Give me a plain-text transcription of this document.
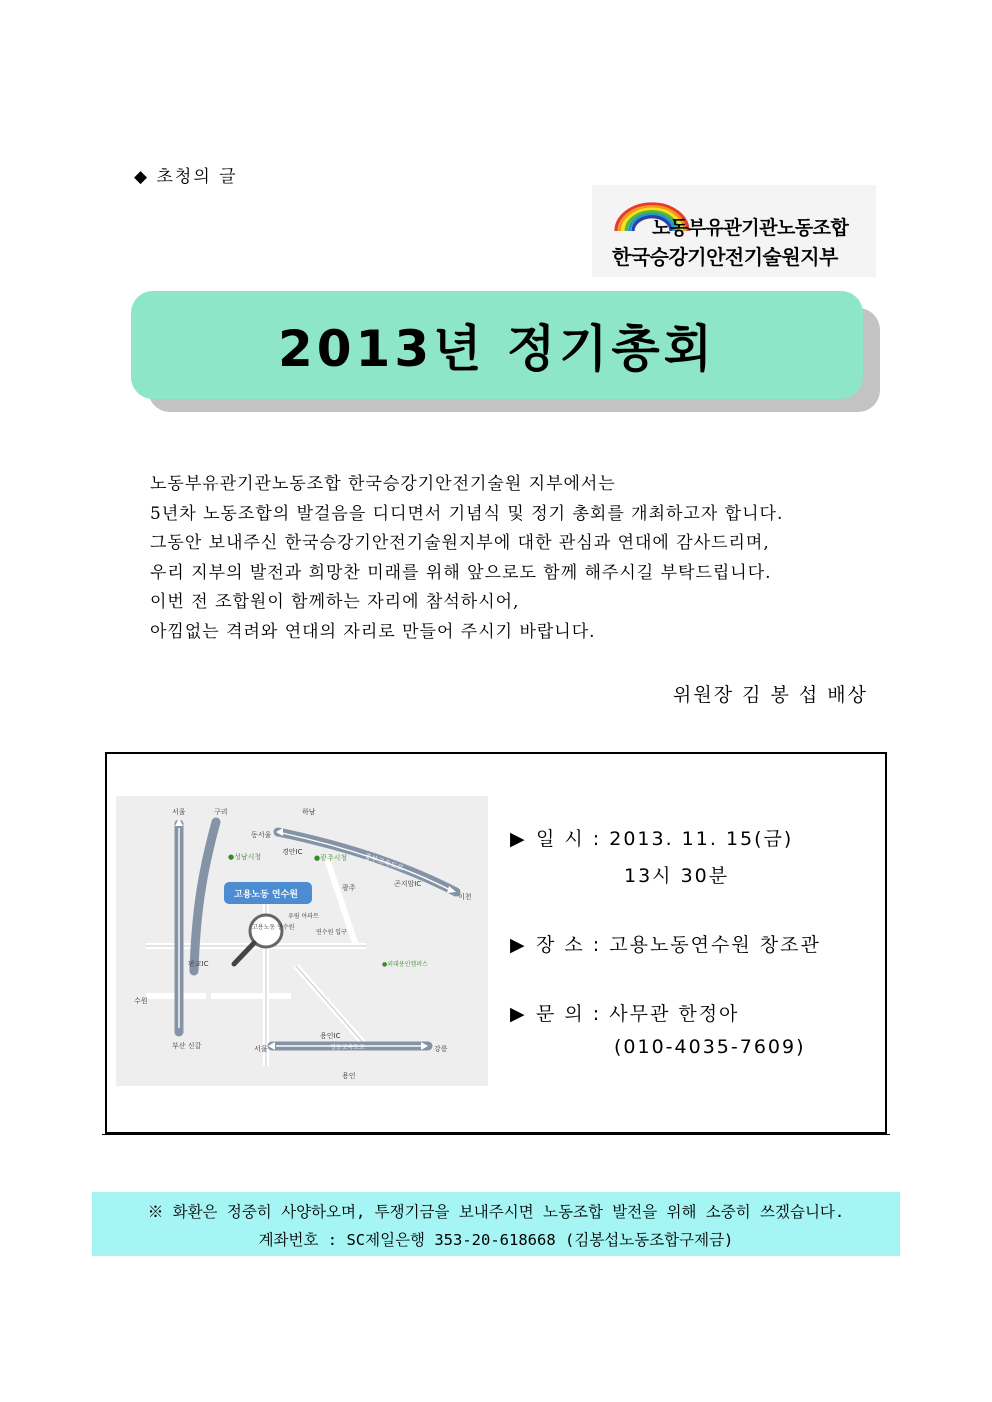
◆ 초청의 글
노동부유관기관노동조합
한국승강기안전기술원지부
2013년 정기총회
노동부유관기관노동조합 한국승강기안전기술원 지부에서는
5년차 노동조합의 발걸음을 디디면서 기념식 및 정기 총회를 개최하고자 합니다.
그동안 보내주신 한국승강기안전기술원지부에 대한 관심과 연대에 감사드리며,
우리 지부의 발전과 희망찬 미래를 위해 앞으로도 함께 해주시길 부탁드립니다.
이번 전 조합원이 함께하는 자리에 참석하시어,
아낌없는 격려와 연대의 자리로 만들어 주시기 바랍니다.
위원장 김 봉 섭 배상
서울	구리	하남
동서울
●성남시청
경안IC
●광주시청 중부고속도로
광주	곤지암IC
이천
고용노동 연수원
고용노동 연수원
우림 아파트
연수원 입구
판교IC
수원
부산 신갈
용인IC
서울	강릉
용인
영동고속도로
●외대용인캠퍼스
▶ 일 시 : 2013. 11. 15(금)
13시 30분
▶ 장 소 : 고용노동연수원 창조관
▶ 문 의 : 사무관 한정아
(010-4035-7609)
※ 화환은 정중히 사양하오며, 투쟁기금을 보내주시면 노동조합 발전을 위해 소중히 쓰겠습니다.
계좌번호 : SC제일은행 353-20-618668 (김봉섭노동조합구제금)
